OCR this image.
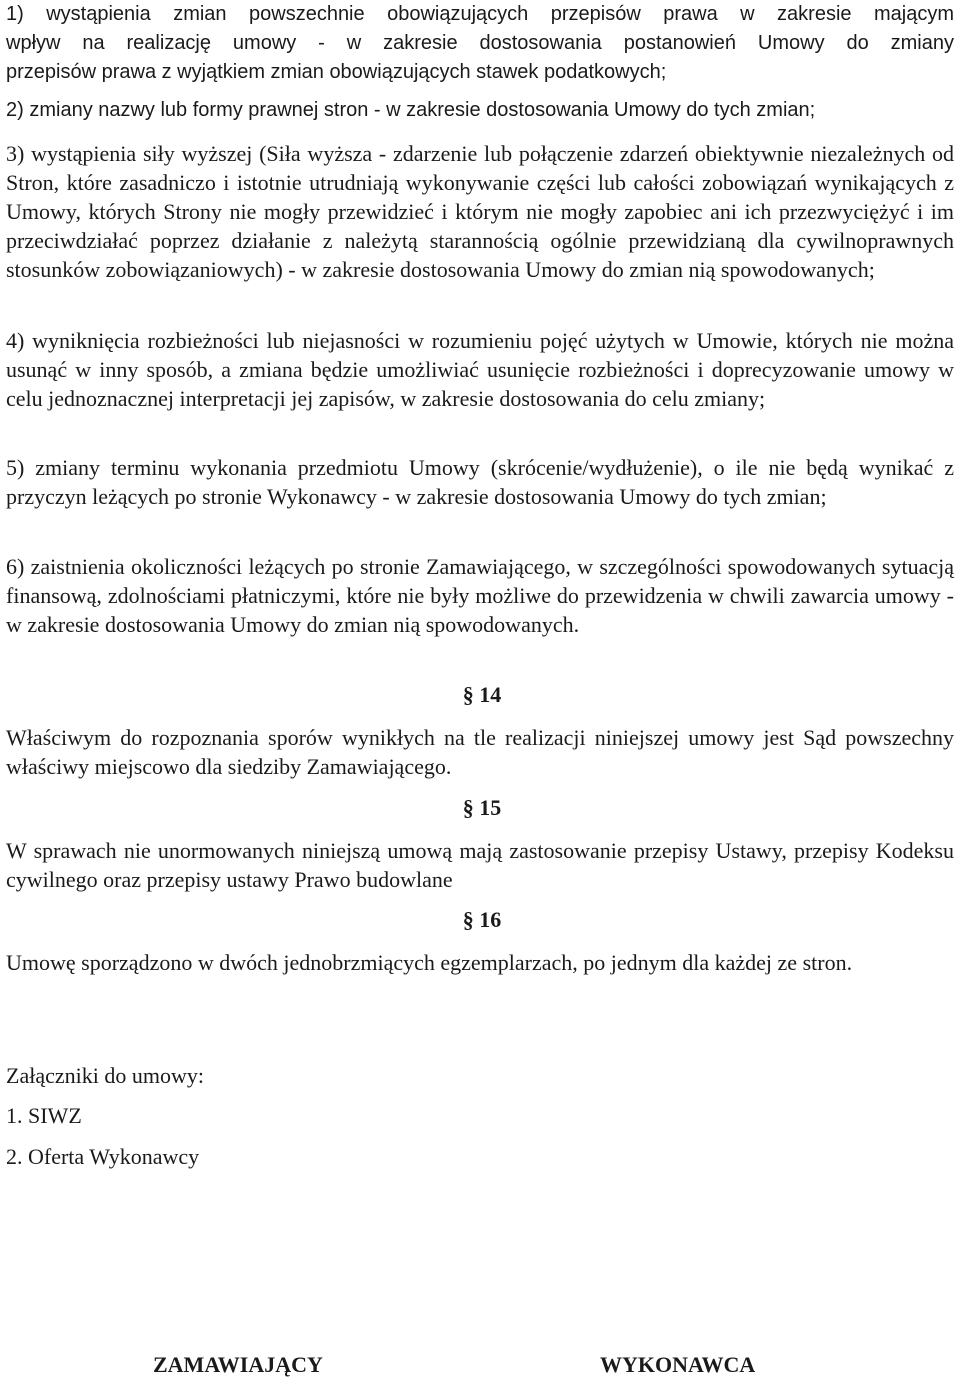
1) wystąpienia zmian powszechnie obowiązujących przepisów prawa w zakresie mającym

wpływ na realizację umowy - w zakresie dostosowania postanowień Umowy do zmiany

przepisów prawa z wyjątkiem zmian obowiązujących stawek podatkowych;

2) zmiany nazwy lub formy prawnej stron - w zakresie dostosowania Umowy do tych zmian;

3) wystąpienia siły wyższej (Siła wyższa - zdarzenie lub połączenie zdarzeń obiektywnie niezależnych od Stron, które zasadniczo i istotnie utrudniają wykonywanie części lub całości zobowiązań wynikających z Umowy, których Strony nie mogły przewidzieć i którym nie mogły zapobiec ani ich przezwyciężyć i im przeciwdziałać poprzez działanie z należytą starannością ogólnie przewidzianą dla cywilnoprawnych stosunków zobowiązaniowych) - w zakresie dostosowania Umowy do zmian nią spowodowanych;

4) wyniknięcia rozbieżności lub niejasności w rozumieniu pojęć użytych w Umowie, których nie można usunąć w inny sposób, a zmiana będzie umożliwiać usunięcie rozbieżności i doprecyzowanie umowy w celu jednoznacznej interpretacji jej zapisów, w zakresie dostosowania do celu zmiany;

5) zmiany terminu wykonania przedmiotu Umowy (skrócenie/wydłużenie), o ile nie będą wynikać z przyczyn leżących po stronie Wykonawcy - w zakresie dostosowania Umowy do tych zmian;

6) zaistnienia okoliczności leżących po stronie Zamawiającego, w szczególności spowodowanych sytuacją finansową, zdolnościami płatniczymi, które nie były możliwe do przewidzenia w chwili zawarcia umowy - w zakresie dostosowania Umowy do zmian nią spowodowanych.

§ 14

Właściwym do rozpoznania sporów wynikłych na tle realizacji niniejszej umowy jest Sąd powszechny właściwy miejscowo dla siedziby Zamawiającego.

§ 15

W sprawach nie unormowanych niniejszą umową mają zastosowanie przepisy Ustawy, przepisy Kodeksu cywilnego oraz przepisy ustawy Prawo budowlane

§ 16

Umowę sporządzono w dwóch jednobrzmiących egzemplarzach, po jednym dla każdej ze stron.

Załączniki do umowy:

1. SIWZ

2. Oferta Wykonawcy

ZAMAWIAJĄCY	WYKONAWCA
